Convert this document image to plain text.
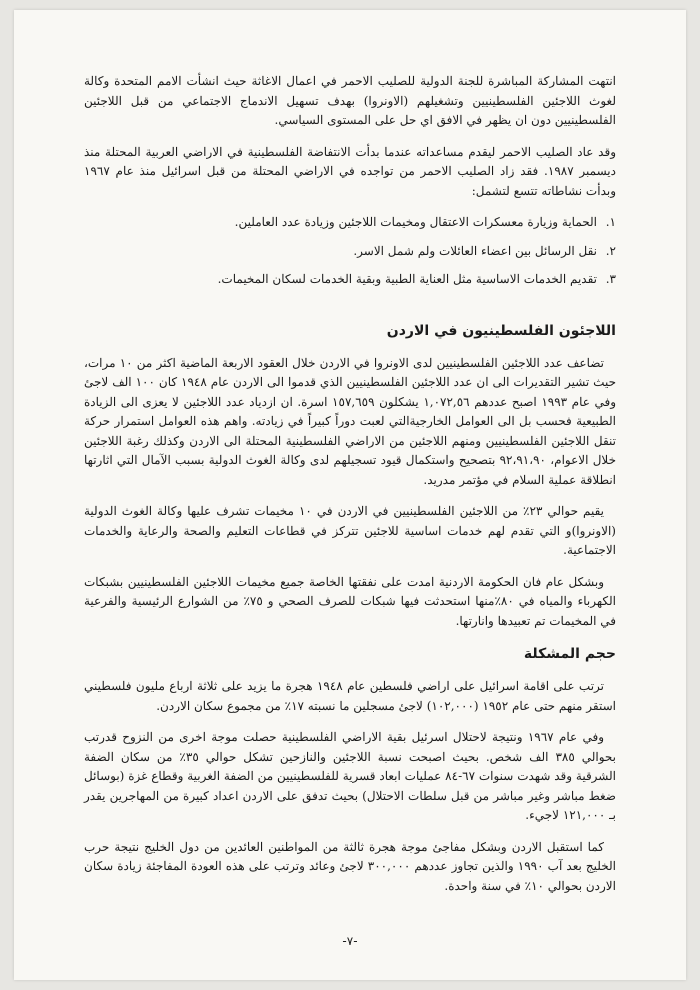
انتهت المشاركة المباشرة للجنة الدولية للصليب الاحمر في اعمال الاغاثة حيث انشأت الامم المتحدة وكالة لغوث اللاجئين الفلسطينيين وتشغيلهم (الاونروا) بهدف تسهيل الاندماج الاجتماعي من قبل اللاجئين الفلسطينيين دون ان يظهر في الافق اي حل على المستوى السياسي.

وقد عاد الصليب الاحمر ليقدم مساعداته عندما بدأت الانتفاضة الفلسطينية في الاراضي العربية المحتلة منذ ديسمبر ١٩٨٧. فقد زاد الصليب الاحمر من تواجده في الاراضي المحتلة من قبل اسرائيل منذ عام ١٩٦٧ وبدأت نشاطاته تتسع لتشمل:

١.
الحماية وزيارة معسكرات الاعتقال ومخيمات اللاجئين وزيادة عدد العاملين.
٢.
نقل الرسائل بين اعضاء العائلات ولم شمل الاسر.
٣.
تقديم الخدمات الاساسية مثل العناية الطبية وبقية الخدمات لسكان المخيمات.
اللاجئون الفلسطينيون في الاردن

تضاعف عدد اللاجئين الفلسطينيين لدى الاونروا في الاردن خلال العقود الاربعة الماضية اكثر من ١٠ مرات، حيث تشير التقديرات الى ان عدد اللاجئين الفلسطينيين الذي قدموا الى الاردن عام ١٩٤٨ كان ١٠٠ الف لاجئ وفي عام ١٩٩٣ اصبح عددهم ١,٠٧٢,٥٦ يشكلون ١٥٧,٦٥٩ اسرة. ان ازدياد عدد اللاجئين لا يعزى الى الزيادة الطبيعية فحسب بل الى العوامل الخارجيةالتي لعبت دوراً كبيراً في زيادته. واهم هذه العوامل استمرار حركة تنقل اللاجئين الفلسطينيين ومنهم اللاجئين من الاراضي الفلسطينية المحتلة الى الاردن وكذلك رغبة اللاجئين خلال الاعوام، ٩٢،٩١،٩٠ بتصحيح واستكمال قيود تسجيلهم لدى وكالة الغوث الدولية بسبب الآمال التي اثارتها انطلاقة عملية السلام في مؤتمر مدريد.

يقيم حوالي ٢٣٪ من اللاجئين الفلسطينيين في الاردن في ١٠ مخيمات تشرف عليها وكالة الغوث الدولية (الاونروا)و التي تقدم لهم خدمات اساسية للاجئين تتركز في قطاعات التعليم والصحة والرعاية والخدمات الاجتماعية.

وبشكل عام فان الحكومة الاردنية امدت على نفقتها الخاصة جميع مخيمات اللاجئين الفلسطينيين بشبكات الكهرباء والمياه في ٨٠٪منها استحدثت فيها شبكات للصرف الصحي و ٧٥٪ من الشوارع الرئيسية والفرعية في المخيمات تم تعبيدها وانارتها.

حجم المشكلة

ترتب على اقامة اسرائيل على اراضي فلسطين عام ١٩٤٨ هجرة ما يزيد على ثلاثة ارباع مليون فلسطيني استقر منهم حتى عام ١٩٥٢ (١٠٢,٠٠٠) لاجئ مسجلين ما نسبته ١٧٪ من مجموع سكان الاردن.

وفي عام ١٩٦٧ ونتيجة لاحتلال اسرئيل بقية الاراضي الفلسطينية حصلت موجة اخرى من النزوح قدرتب بحوالي ٣٨٥ الف شخص. بحيث اصبحت نسبة اللاجئين والنازحين تشكل حوالي ٣٥٪ من سكان الضفة الشرقية وقد شهدت سنوات ٦٧-٨٤ عمليات ابعاد قسرية للفلسطينيين من الضفة الغربية وقطاع غزة (بوسائل ضغط مباشر وغير مباشر من قبل سلطات الاحتلال) بحيث تدفق على الاردن اعداد كبيرة من المهاجرين يقدر بـ ١٢١,٠٠٠ لاجيء.

كما استقبل الاردن وبشكل مفاجئ موجة هجرة ثالثة من المواطنين العائدين من دول الخليج نتيجة حرب الخليج بعد آب ١٩٩٠ والذين تجاوز عددهم ٣٠٠,٠٠٠ لاجئ وعائد وترتب على هذه العودة المفاجئة زيادة سكان الاردن بحوالي ١٠٪ في سنة واحدة.

-٧-
